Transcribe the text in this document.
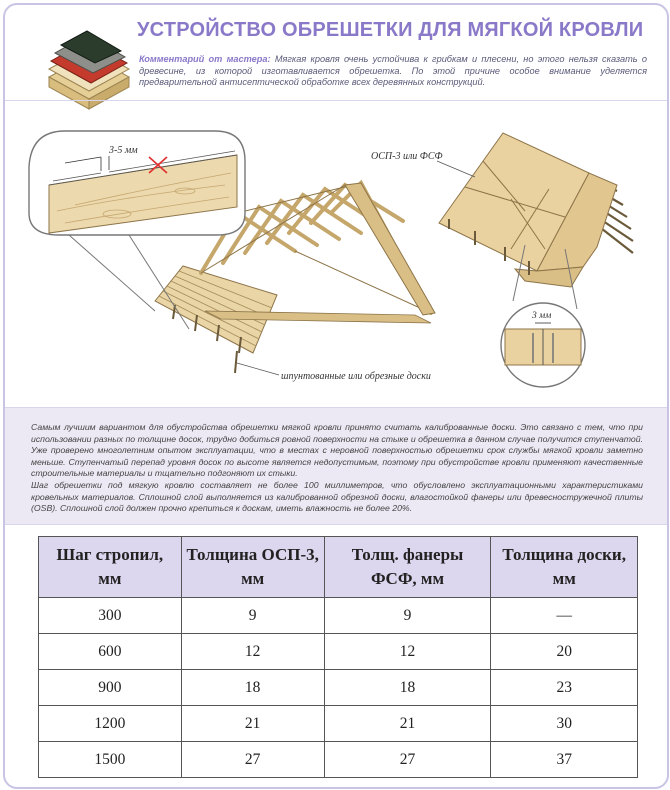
УСТРОЙСТВО ОБРЕШЕТКИ ДЛЯ МЯГКОЙ КРОВЛИ
Комментарий от мастера: Мягкая кровля очень устойчива к грибкам и плесени, но этого нельзя сказать о древесине, из которой изготавливается обрешетка. По этой причине особое внимание уделяется предварительной антисептической обработке всех деревянных конструкций.
3-5 мм
3 мм
ОСП-3 или ФСФ
шпунтованные или обрезные доски

Самым лучшим вариантом для обустройства обрешетки мягкой кровли принято считать калиброванные доски. Это связано с тем, что при использовании разных по толщине досок, трудно добиться ровной поверхности на стыке и обрешетка в данном случае получится ступенчатой. Уже проверено многолетним опытом эксплуатации, что в местах с неровной поверхностью обрешетки срок службы мягкой кровли заметно меньше. Ступенчатый перепад уровня досок по высоте является недопустимым, поэтому при обустройстве кровли применяют качественные строительные материалы и тщательно подгоняют их стыки.

Шаг обрешетки под мягкую кровлю составляет не более 100 миллиметров, что обусловлено эксплуатационными характеристиками кровельных материалов. Сплошной слой выполняется из калиброванной обрезной доски, влагостойкой фанеры или древесностружечной плиты (OSB). Сплошной слой должен прочно крепиться к доскам, иметь влажность не более 20%.

Шаг стропил, мм	Толщина ОСП-3, мм	Толщ. фанеры ФСФ, мм	Толщина доски, мм
300	9	9	—
600	12	12	20
900	18	18	23
1200	21	21	30
1500	27	27	37
